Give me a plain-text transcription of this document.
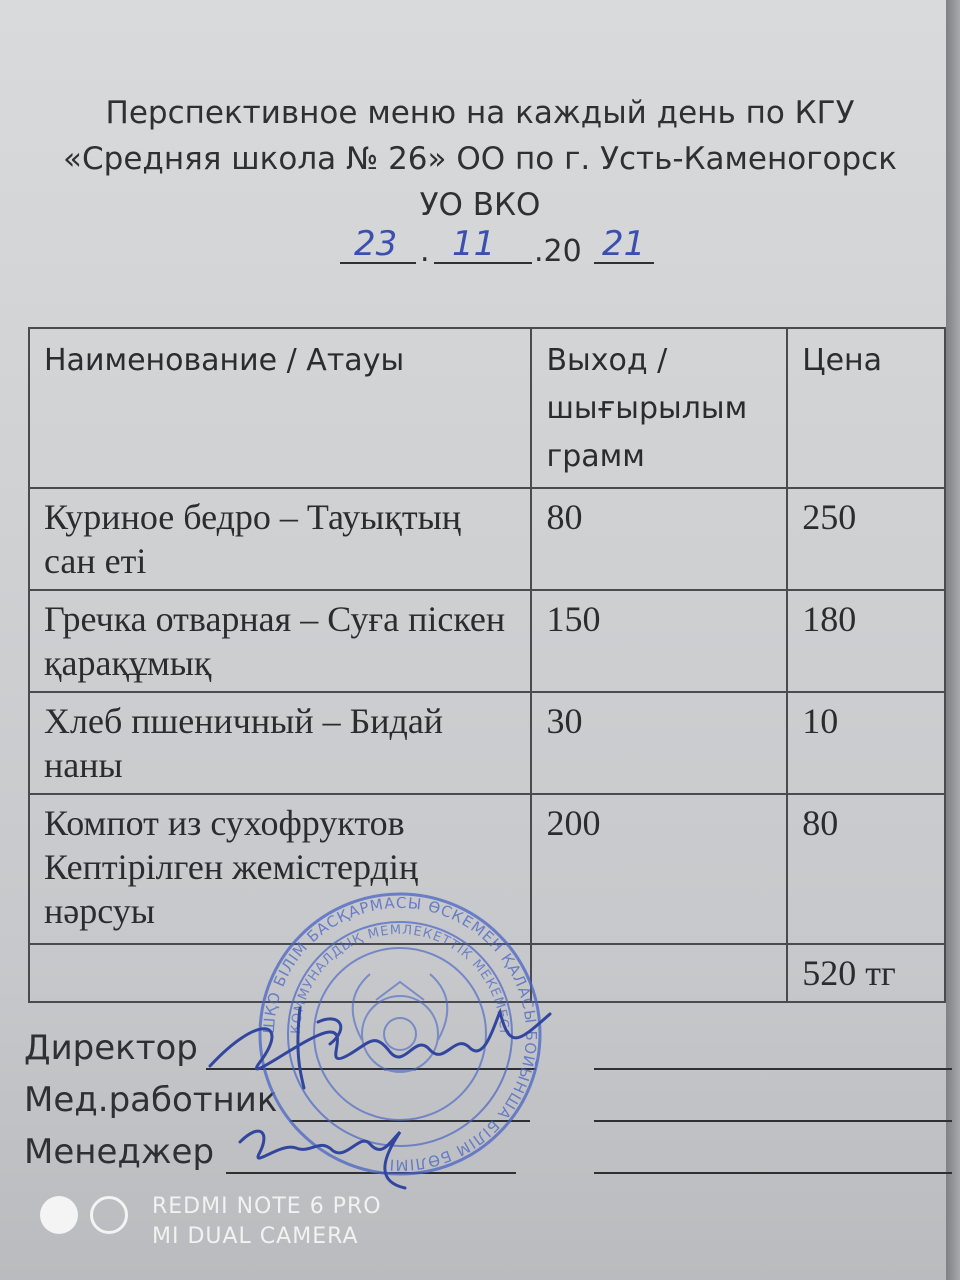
Перспективное меню на каждый день по КГУ
«Средняя школа № 26» ОО по г. Усть-Каменогорск
УО ВКО
23 . 11 .20 21
Наименование / Атауы	Выход / шығырылым грамм	Цена
Куриное бедро – Тауықтың сан еті	80	250
Гречка отварная – Суға піскен қарақұмық	150	180
Хлеб пшеничный – Бидай наны	30	10
Компот из сухофруктов Кептірілген жемістердің нәрсуы	200	80
		520 тг
Директор
Мед.работник
Менеджер
ШҚО БІЛІМ БАСҚАРМАСЫ ӨСКЕМЕН ҚАЛАСЫ БОЙЫНША БІЛІМ БӨЛІМІ
КОММУНАЛДЫҚ МЕМЛЕКЕТТІК МЕКЕМЕСІ
REDMI NOTE 6 PRO
MI DUAL CAMERA
